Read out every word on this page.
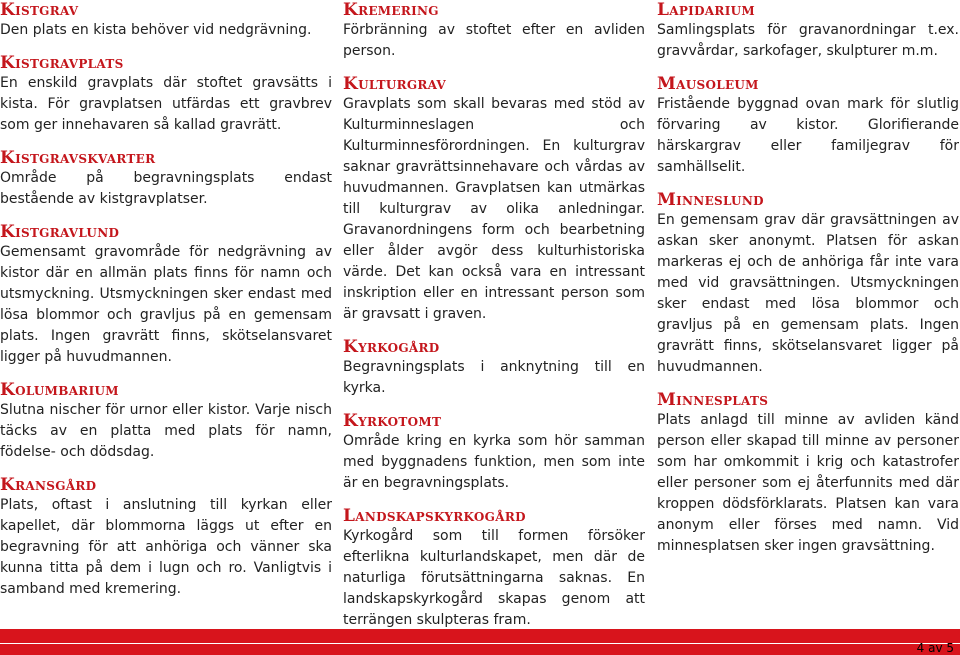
Kistgrav

Den plats en kista behöver vid nedgrävning.

Kistgravplats

En enskild gravplats där stoftet gravsätts i kista. För gravplatsen utfärdas ett gravbrev som ger innehavaren så kallad gravrätt.

Kistgravskvarter

Område på begravningsplats endast bestående av kistgravplatser.

Kistgravlund

Gemensamt gravområde för nedgrävning av kistor där en allmän plats finns för namn och utsmyckning. Utsmyckningen sker endast med lösa blommor och gravljus på en gemensam plats. Ingen gravrätt finns, skötselansvaret ligger på huvudmannen.

Kolumbarium

Slutna nischer för urnor eller kistor. Varje nisch täcks av en platta med plats för namn, födelse- och dödsdag.

Kransgård

Plats, oftast i anslutning till kyrkan eller kapellet, där blommorna läggs ut efter en begravning för att anhöriga och vänner ska kunna titta på dem i lugn och ro. Vanligtvis i samband med kremering.

Kremering

Förbränning av stoftet efter en avliden person.

Kulturgrav

Gravplats som skall bevaras med stöd av Kulturminneslagen och Kulturminnesförordningen. En kulturgrav saknar gravrättsinnehavare och vårdas av huvudmannen. Gravplatsen kan utmärkas till kulturgrav av olika anledningar. Gravanordningens form och bearbetning eller ålder avgör dess kulturhistoriska värde. Det kan också vara en intressant inskription eller en intressant person som är gravsatt i graven.

Kyrkogård

Begravningsplats i anknytning till en kyrka.

Kyrkotomt

Område kring en kyrka som hör samman med byggnadens funktion, men som inte är en begravningsplats.

Landskapskyrkogård

Kyrkogård som till formen försöker efterlikna kulturlandskapet, men där de naturliga förutsättningarna saknas. En landskapskyrkogård skapas genom att terrängen skulpteras fram.

Lapidarium

Samlingsplats för gravanordningar t.ex. gravvårdar, sarkofager, skulpturer m.m.

Mausoleum

Fristående byggnad ovan mark för slutlig förvaring av kistor. Glorifierande härskargrav eller familjegrav för samhällselit.

Minneslund

En gemensam grav där gravsättningen av askan sker anonymt. Platsen för askan markeras ej och de anhöriga får inte vara med vid gravsättningen. Utsmyckningen sker endast med lösa blommor och gravljus på en gemensam plats. Ingen gravrätt finns, skötselansvaret ligger på huvudmannen.

Minnesplats

Plats anlagd till minne av avliden känd person eller skapad till minne av personer som har omkommit i krig och katastrofer eller personer som ej återfunnits med där kroppen dödsförklarats. Platsen kan vara anonym eller förses med namn. Vid minnesplatsen sker ingen gravsättning.

4 av 5
